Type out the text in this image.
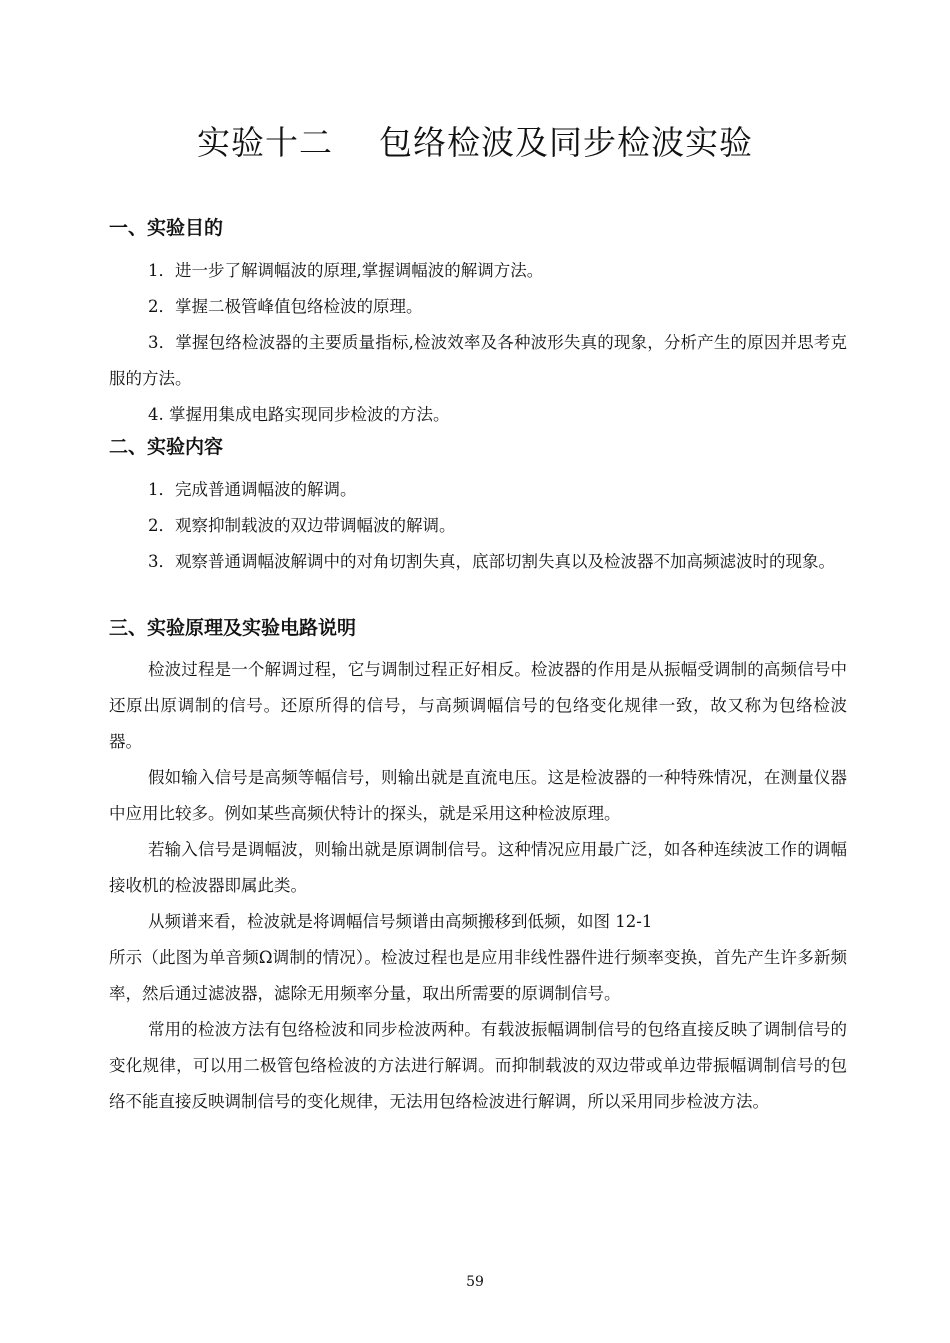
实验十二    包络检波及同步检波实验
一、实验目的

1．进一步了解调幅波的原理,掌握调幅波的解调方法。

2．掌握二极管峰值包络检波的原理。

3．掌握包络检波器的主要质量指标,检波效率及各种波形失真的现象，分析产生的原因并思考克服的方法。

4. 掌握用集成电路实现同步检波的方法。

二、实验内容

1．完成普通调幅波的解调。

2．观察抑制载波的双边带调幅波的解调。

3．观察普通调幅波解调中的对角切割失真，底部切割失真以及检波器不加高频滤波时的现象。

三、实验原理及实验电路说明

检波过程是一个解调过程，它与调制过程正好相反。检波器的作用是从振幅受调制的高频信号中还原出原调制的信号。还原所得的信号，与高频调幅信号的包络变化规律一致，故又称为包络检波器。

假如输入信号是高频等幅信号，则输出就是直流电压。这是检波器的一种特殊情况，在测量仪器中应用比较多。例如某些高频伏特计的探头，就是采用这种检波原理。

若输入信号是调幅波，则输出就是原调制信号。这种情况应用最广泛，如各种连续波工作的调幅接收机的检波器即属此类。

从频谱来看，检波就是将调幅信号频谱由高频搬移到低频，如图 12-1

所示（此图为单音频Ω调制的情况）。检波过程也是应用非线性器件进行频率变换，首先产生许多新频率，然后通过滤波器，滤除无用频率分量，取出所需要的原调制信号。

常用的检波方法有包络检波和同步检波两种。有载波振幅调制信号的包络直接反映了调制信号的变化规律，可以用二极管包络检波的方法进行解调。而抑制载波的双边带或单边带振幅调制信号的包络不能直接反映调制信号的变化规律，无法用包络检波进行解调，所以采用同步检波方法。

59
